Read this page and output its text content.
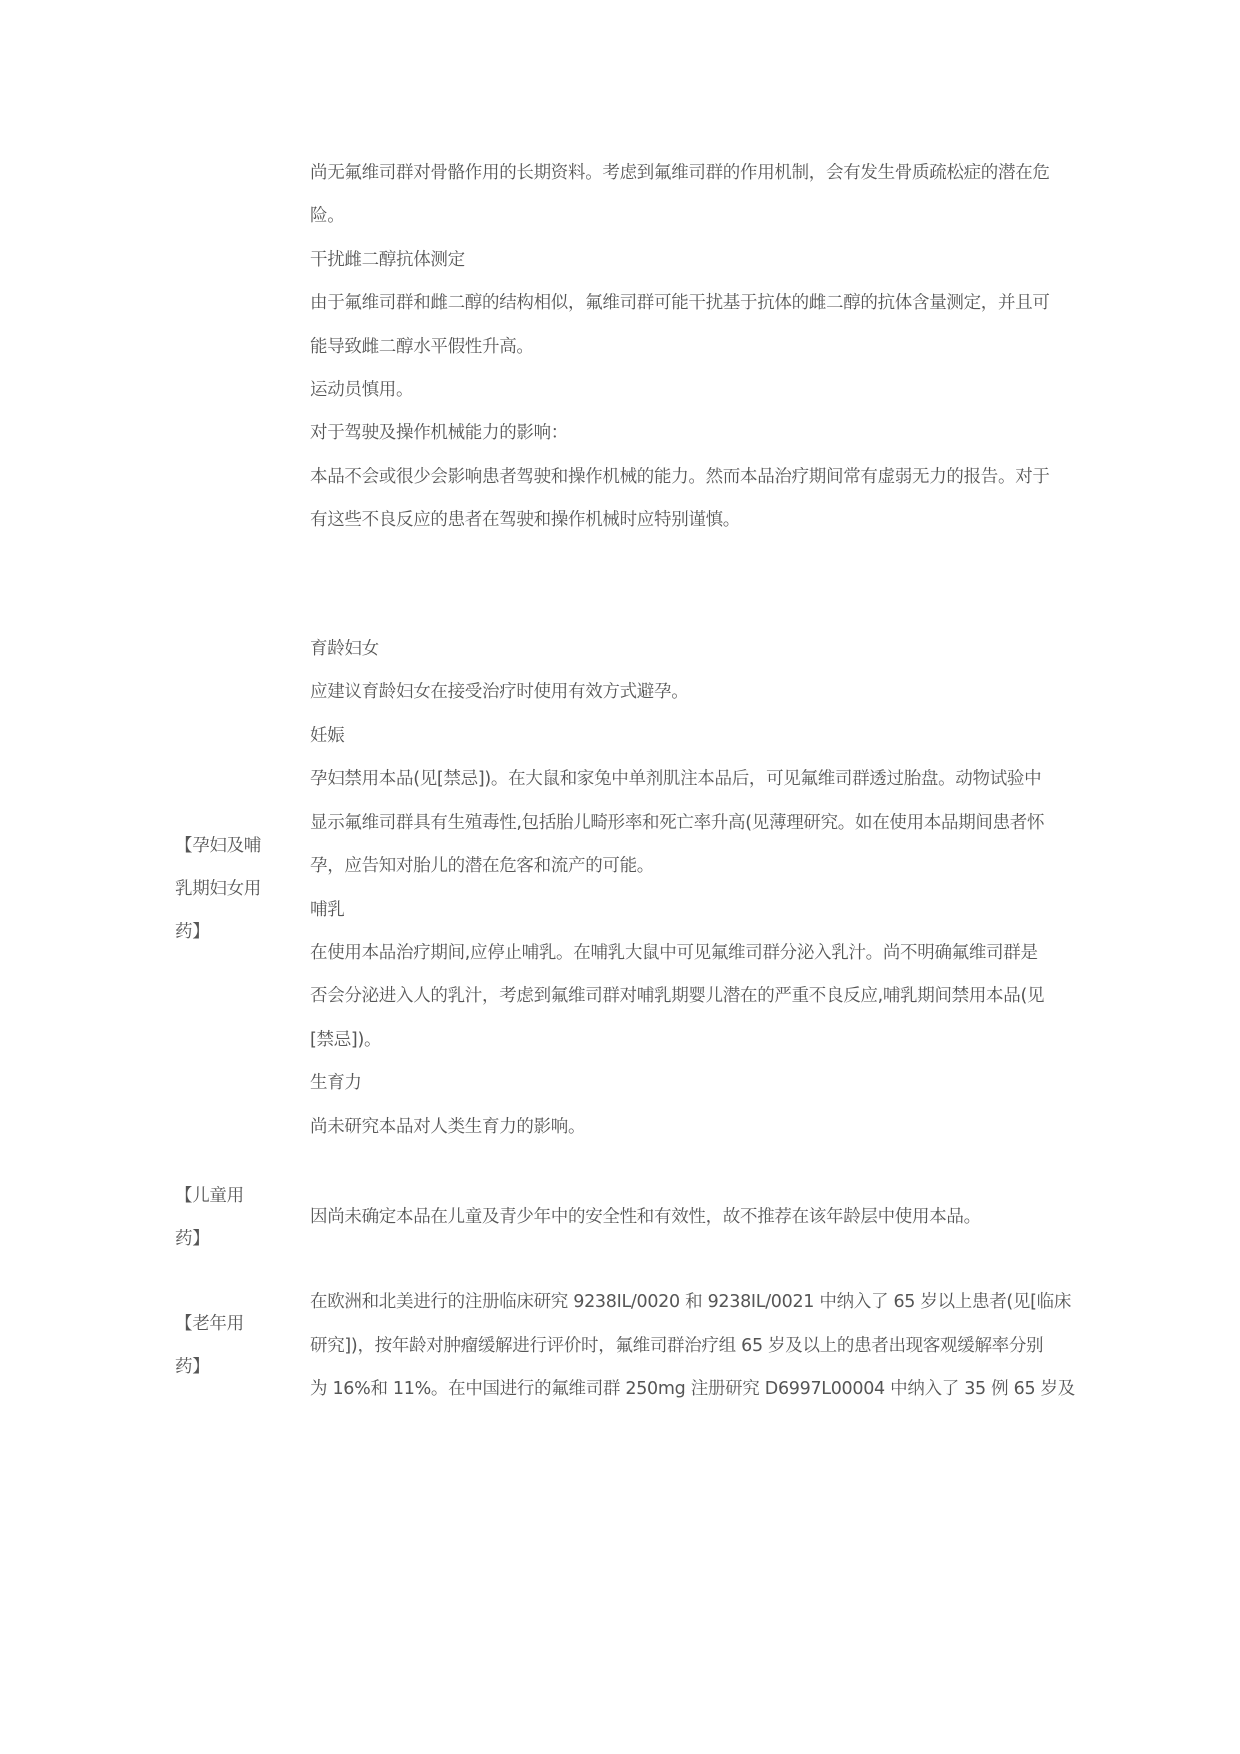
尚无氟维司群对骨骼作用的长期资料。考虑到氟维司群的作用机制，会有发生骨质疏松症的潜在危
险。
干扰雌二醇抗体测定
由于氟维司群和雌二醇的结构相似，氟维司群可能干扰基于抗体的雌二醇的抗体含量测定，并且可
能导致雌二醇水平假性升高。
运动员慎用。
对于驾驶及操作机械能力的影响：
本品不会或很少会影响患者驾驶和操作机械的能力。然而本品治疗期间常有虚弱无力的报告。对于
有这些不良反应的患者在驾驶和操作机械时应特别谨慎。
【孕妇及哺
乳期妇女用
药】
育龄妇女
应建议育龄妇女在接受治疗时使用有效方式避孕。
妊娠
孕妇禁用本品(见[禁忌])。在大鼠和家兔中单剂肌注本品后，可见氟维司群透过胎盘。动物试验中
显示氟维司群具有生殖毒性,包括胎儿畸形率和死亡率升高(见薄理研究。如在使用本品期间患者怀
孕，应告知对胎儿的潜在危客和流产的可能。
哺乳
在使用本品治疗期间,应停止哺乳。在哺乳大鼠中可见氟维司群分泌入乳汁。尚不明确氟维司群是
否会分泌进入人的乳汁，考虑到氟维司群对哺乳期婴儿潜在的严重不良反应,哺乳期间禁用本品(见
[禁忌])。
生育力
尚未研究本品对人类生育力的影响。
【儿童用
药】
因尚未确定本品在儿童及青少年中的安全性和有效性，故不推荐在该年龄层中使用本品。
【老年用
药】
在欧洲和北美进行的注册临床研究 9238IL/0020 和 9238IL/0021 中纳入了 65 岁以上患者(见[临床
研究])，按年龄对肿瘤缓解进行评价时，氟维司群治疗组 65 岁及以上的患者出现客观缓解率分别
为 16%和 11%。在中国进行的氟维司群 250mg 注册研究 D6997L00004 中纳入了 35 例 65 岁及
